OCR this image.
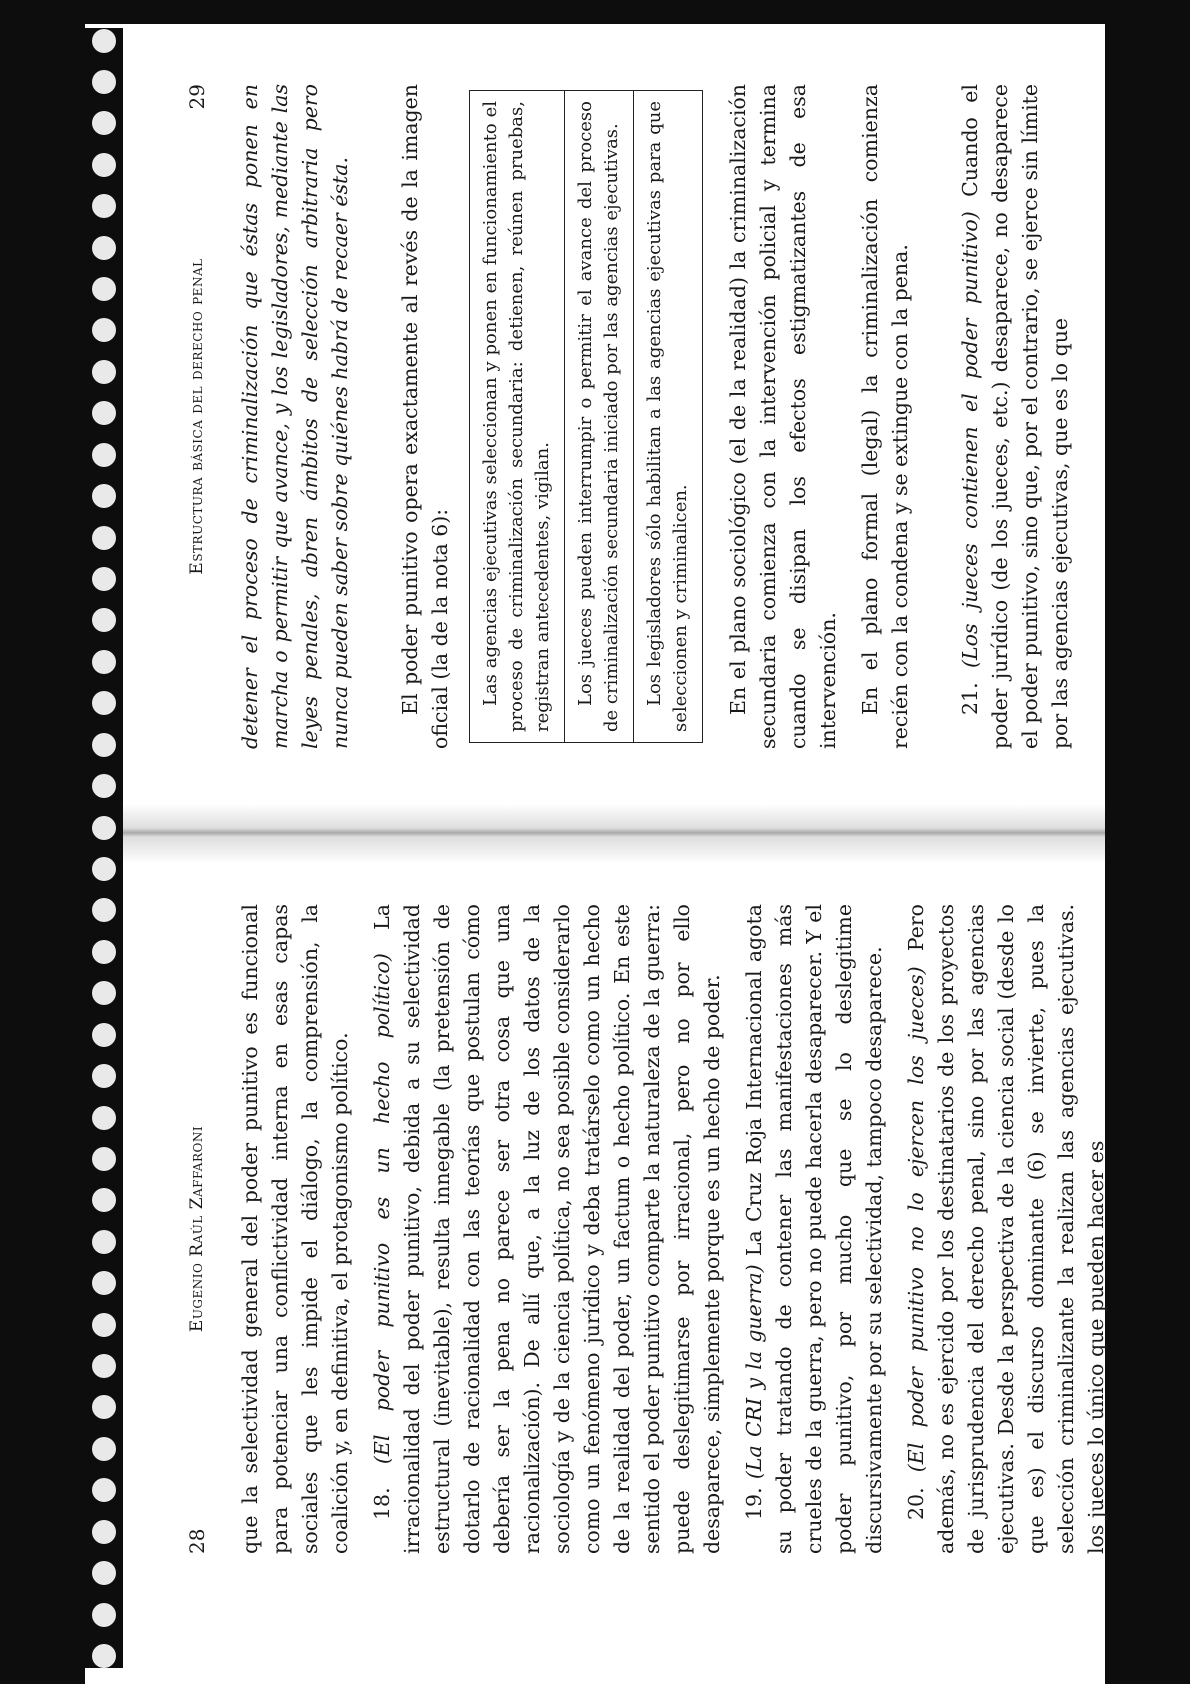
28
Eugenio Raúl Zaffaroni que la selectividad general del poder punitivo es funcional para potenciar una conflictividad interna en esas capas sociales que les impide el diálogo, la comprensión, la coalición y, en definitiva, el protagonismo político. 18. (El poder punitivo es un hecho político) La irracionalidad del poder punitivo, debida a su selectividad estructural (inevitable), resulta innegable (la pretensión de dotarlo de racionalidad con las teorías que postulan cómo debería ser la pena no parece ser otra cosa que una racionalización). De allí que, a la luz de los datos de la sociología y de la ciencia política, no sea posible considerarlo como un fenómeno jurídico y deba tratárselo como un hecho de la realidad del poder, un factum o hecho político. En este sentido el poder punitivo comparte la naturaleza de la guerra: puede deslegitimarse por irracional, pero no por ello desaparece, simplemente porque es un hecho de poder. 19. (La CRI y la guerra) La Cruz Roja Internacional agota su poder tratando de contener las manifestaciones más crueles de la guerra, pero no puede hacerla desaparecer. Y el poder punitivo, por mucho que se lo deslegitime discursivamente por su selectividad, tampoco desaparece. 20. (El poder punitivo no lo ejercen los jueces) Pero además, no es ejercido por los destinatarios de los proyectos de jurisprudencia del derecho penal, sino por las agencias ejecutivas. Desde la perspectiva de la ciencia social (desde lo que es) el discurso dominante (6) se invierte, pues la selección criminalizante la realizan las agencias ejecutivas. los jueces lo único que pueden hacer es

Estructura básica del derecho penal
29 detener el proceso de criminalización que éstas ponen en marcha o permitir que avance, y los legisladores, mediante las leyes penales, abren ámbitos de selección arbitraria pero nunca pueden saber sobre quiénes habrá de recaer ésta. El poder punitivo opera exactamente al revés de la imagen oficial (la de la nota 6):	Las agencias ejecutivas seleccionan y ponen en funcionamiento el proceso de criminalización secundaria: detienen, reúnen pruebas, registran antecedentes, vigilan.	Los jueces pueden interrumpir o permitir el avance del proceso de criminalización secundaria iniciado por las agencias ejecutivas.	Los legisladores sólo habilitan a las agencias ejecutivas para que seleccionen y criminalicen.	En el plano sociológico (el de la realidad) la criminalización secundaria comienza con la intervención policial y termina cuando se disipan los efectos estigmatizantes de esa intervención. En el plano formal (legal) la criminalización comienza recién con la condena y se extingue con la pena. 21. (Los jueces contienen el poder punitivo) Cuando el poder jurídico (de los jueces, etc.) desaparece, no desaparece el poder punitivo, sino que, por el contrario, se ejerce sin límite por las agencias ejecutivas, que es lo que
